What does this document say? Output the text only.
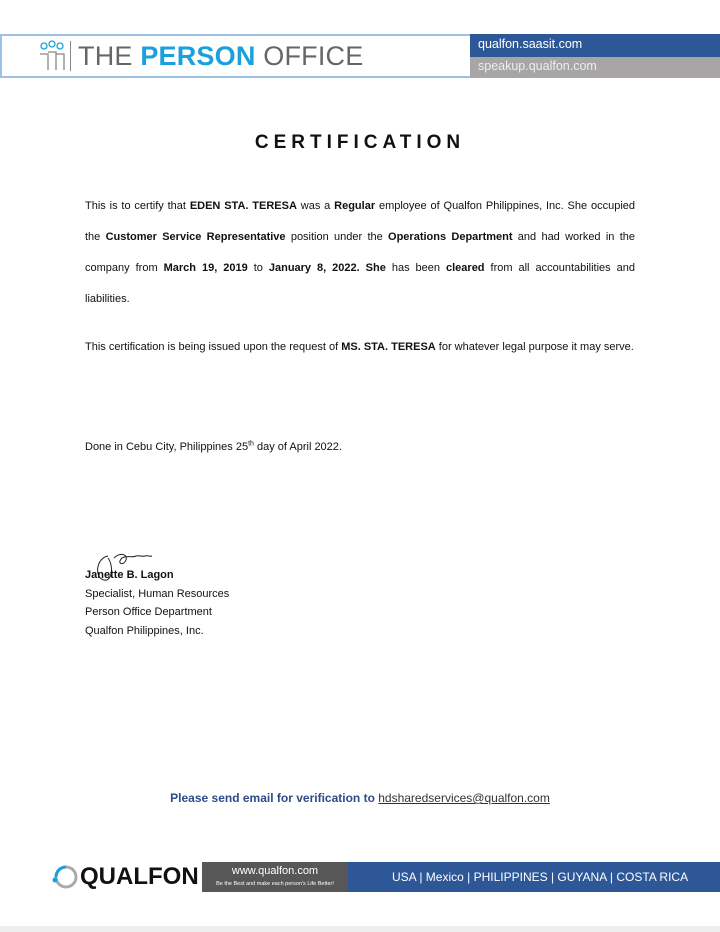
THE PERSON OFFICE	qualfon.saasit.com
speakup.qualfon.com
CERTIFICATION
This is to certify that EDEN STA. TERESA was a Regular employee of Qualfon Philippines, Inc. She occupied the Customer Service Representative position under the Operations Department and had worked in the company from March 19, 2019 to January 8, 2022. She has been cleared from all accountabilities and liabilities.
This certification is being issued upon the request of MS. STA. TERESA for whatever legal purpose it may serve.
Done in Cebu City, Philippines 25th day of April 2022.
Janette B. Lagon
Specialist, Human Resources
Person Office Department
Qualfon Philippines, Inc.
Please send email for verification to hdsharedservices@qualfon.com
QUALFON	www.qualfon.com
Be the Best and make each person's Life Better!	USA | Mexico | PHILIPPINES | GUYANA | COSTA RICA
